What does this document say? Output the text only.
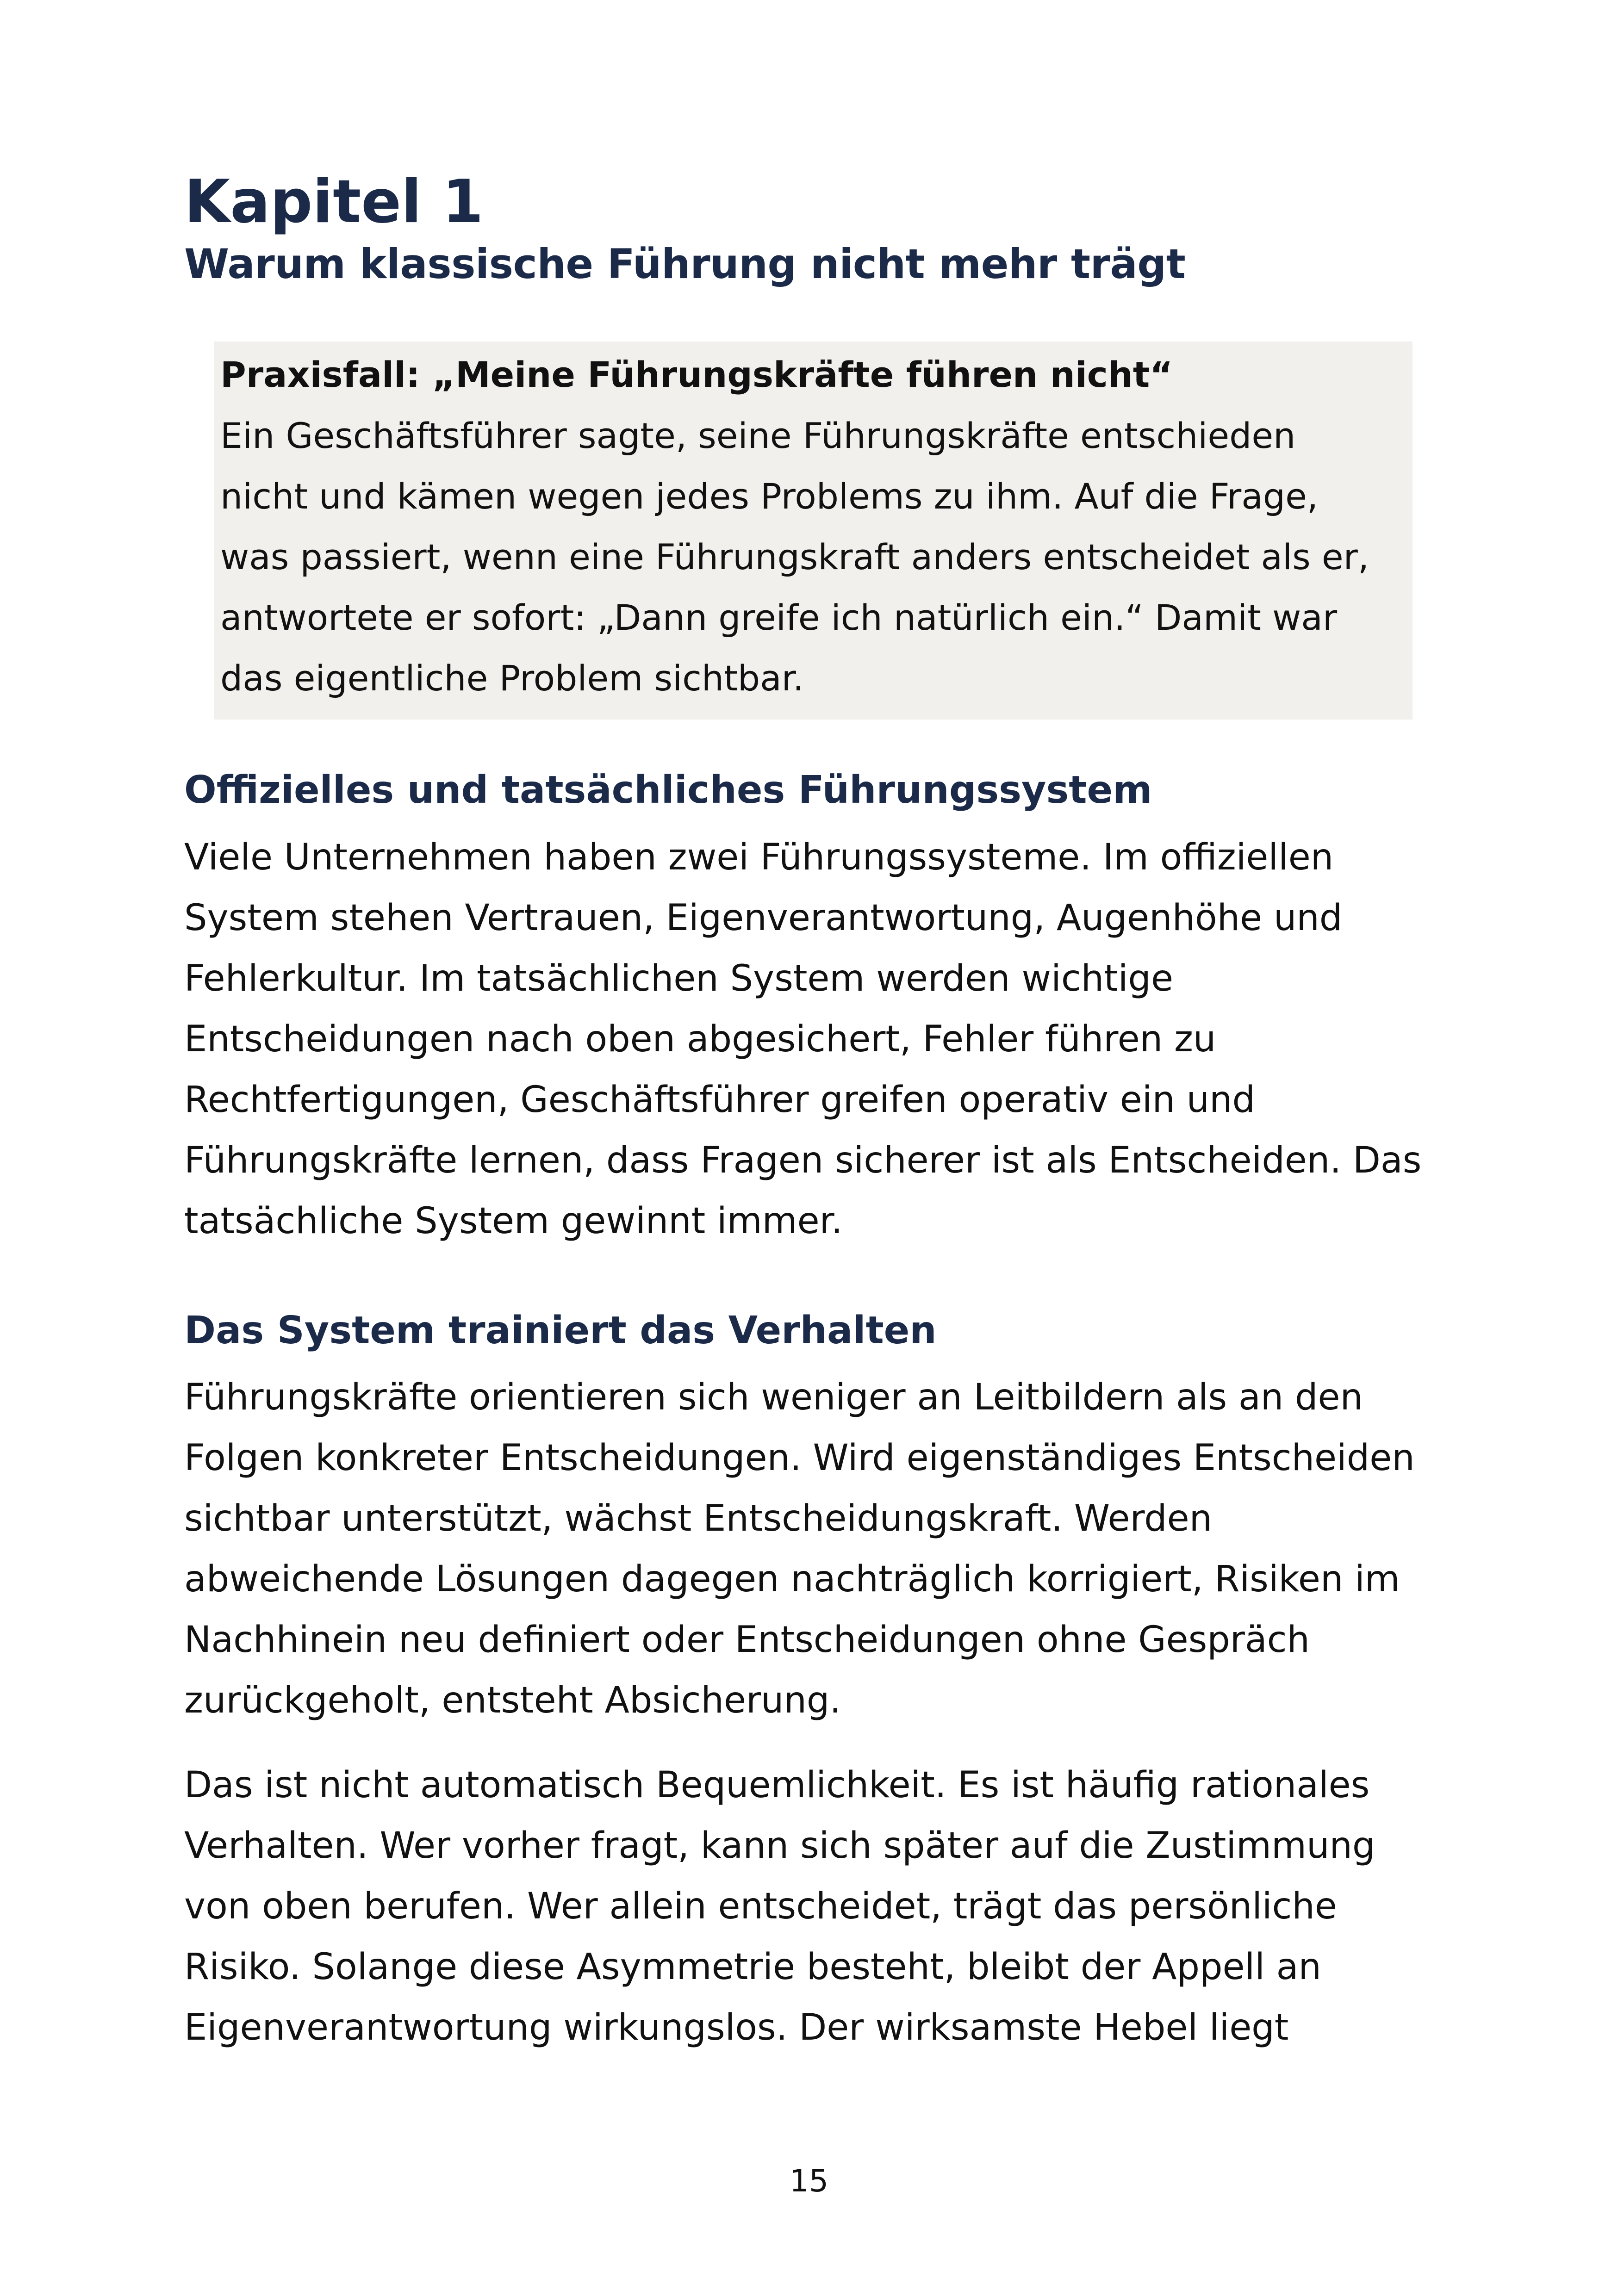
Kapitel 1
Warum klassische Führung nicht mehr trägt

Praxisfall: „Meine Führungskräfte führen nicht“

Ein Geschäftsführer sagte, seine Führungskräfte entschieden
nicht und kämen wegen jedes Problems zu ihm. Auf die Frage,
was passiert, wenn eine Führungskraft anders entscheidet als er,
antwortete er sofort: „Dann greife ich natürlich ein.“ Damit war
das eigentliche Problem sichtbar.

Offizielles und tatsächliches Führungssystem

Viele Unternehmen haben zwei Führungssysteme. Im offiziellen
System stehen Vertrauen, Eigenverantwortung, Augenhöhe und
Fehlerkultur. Im tatsächlichen System werden wichtige
Entscheidungen nach oben abgesichert, Fehler führen zu
Rechtfertigungen, Geschäftsführer greifen operativ ein und
Führungskräfte lernen, dass Fragen sicherer ist als Entscheiden. Das
tatsächliche System gewinnt immer.

Das System trainiert das Verhalten

Führungskräfte orientieren sich weniger an Leitbildern als an den
Folgen konkreter Entscheidungen. Wird eigenständiges Entscheiden
sichtbar unterstützt, wächst Entscheidungskraft. Werden
abweichende Lösungen dagegen nachträglich korrigiert, Risiken im
Nachhinein neu definiert oder Entscheidungen ohne Gespräch
zurückgeholt, entsteht Absicherung.

Das ist nicht automatisch Bequemlichkeit. Es ist häufig rationales
Verhalten. Wer vorher fragt, kann sich später auf die Zustimmung
von oben berufen. Wer allein entscheidet, trägt das persönliche
Risiko. Solange diese Asymmetrie besteht, bleibt der Appell an
Eigenverantwortung wirkungslos. Der wirksamste Hebel liegt

15
